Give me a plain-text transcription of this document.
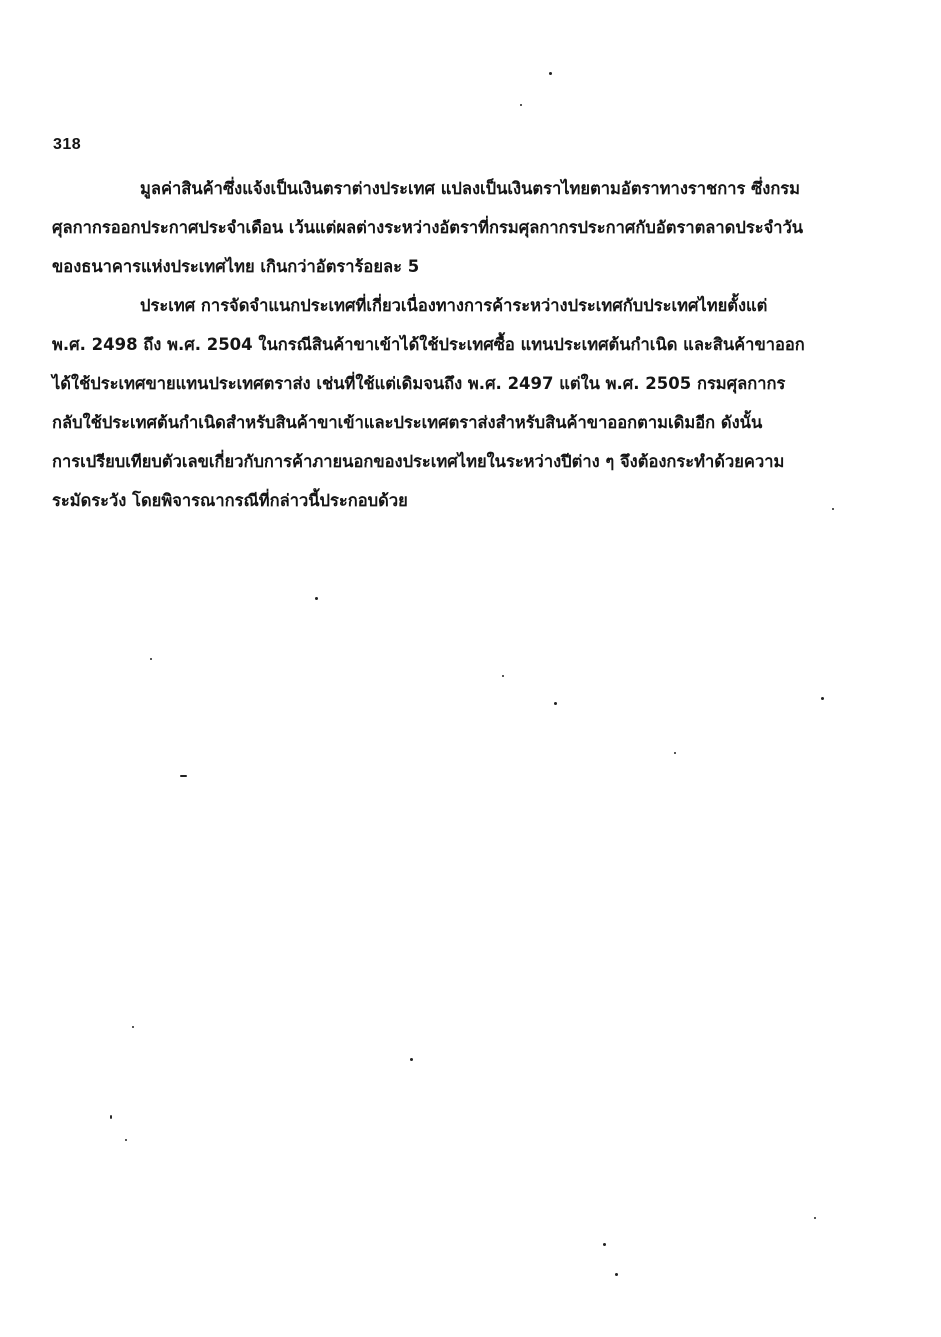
318
มูลค่าสินค้าซึ่งแจ้งเป็นเงินตราต่างประเทศ แปลงเป็นเงินตราไทยตามอัตราทางราชการ ซึ่งกรม
ศุลกากรออกประกาศประจำเดือน เว้นแต่ผลต่างระหว่างอัตราที่กรมศุลกากรประกาศกับอัตราตลาดประจำวัน
ของธนาคารแห่งประเทศไทย เกินกว่าอัตราร้อยละ 5
ประเทศ การจัดจำแนกประเทศที่เกี่ยวเนื่องทางการค้าระหว่างประเทศกับประเทศไทยตั้งแต่
พ.ศ. 2498 ถึง พ.ศ. 2504 ในกรณีสินค้าขาเข้าได้ใช้ประเทศซื้อ แทนประเทศต้นกำเนิด และสินค้าขาออก
ได้ใช้ประเทศขายแทนประเทศตราส่ง เช่นที่ใช้แต่เดิมจนถึง พ.ศ. 2497 แต่ใน พ.ศ. 2505 กรมศุลกากร
กลับใช้ประเทศต้นกำเนิดสำหรับสินค้าขาเข้าและประเทศตราส่งสำหรับสินค้าขาออกตามเดิมอีก ดังนั้น
การเปรียบเทียบตัวเลขเกี่ยวกับการค้าภายนอกของประเทศไทยในระหว่างปีต่าง ๆ จึงต้องกระทำด้วยความ
ระมัดระวัง โดยพิจารณากรณีที่กล่าวนี้ประกอบด้วย
